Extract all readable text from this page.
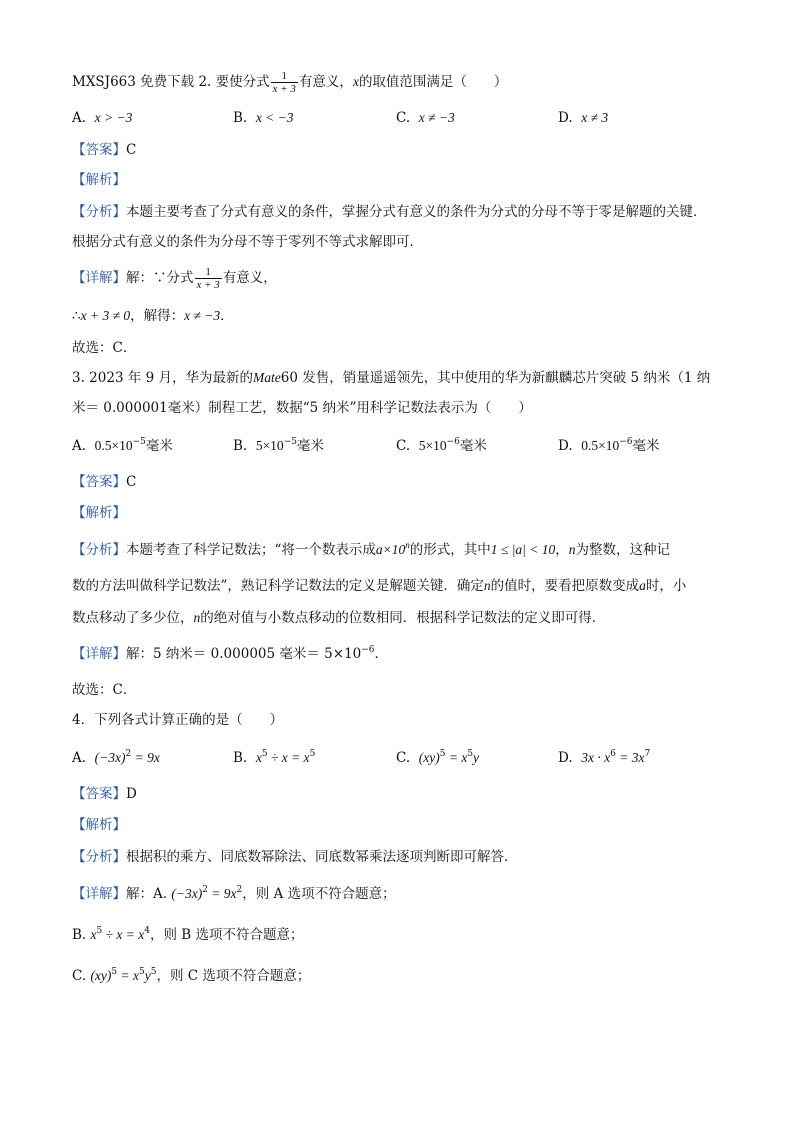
MXSJ663 免费下载 2. 要使分式 $\frac{1}{x + 3}$ 有意义，x的取值范围满足（　　）
A. x > −3	B. x < −3	C. x ≠ −3	D. x ≠ 3
【答案】C
【解析】
【分析】本题主要考查了分式有意义的条件，掌握分式有意义的条件为分式的分母不等于零是解题的关键．
根据分式有意义的条件为分母不等于零列不等式求解即可．
【详解】解：∵分式 $\frac{1}{x + 3}$ 有意义，
∴x + 3 ≠ 0，解得：x ≠ −3．
故选：C．
3. 2023 年 9 月，华为最新的Mate60 发售，销量遥遥领先，其中使用的华为新麒麟芯片突破 5 纳米（1 纳
米＝ 0.000001毫米）制程工艺，数据“5 纳米”用科学记数法表示为（　　）
A. $0.5\times 10^{-5}$毫米	B. $5\times 10^{-5}$毫米	C. $5\times 10^{-6}$毫米	D. $0.5\times 10^{-6}$毫米
【答案】C
【解析】
【分析】本题考查了科学记数法；“将一个数表示成$a\times 10^n$的形式，其中1 ≤ |a| < 10，n为整数，这种记
数的方法叫做科学记数法”，熟记科学记数法的定义是解题关键．确定n的值时，要看把原数变成a时，小
数点移动了多少位，n的绝对值与小数点移动的位数相同．根据科学记数法的定义即可得．
【详解】解：5 纳米＝ 0.000005 毫米＝ $5\times 10^{-6}$．
故选：C．
4．下列各式计算正确的是（　　）
A. $(-3x)^2 = 9x$	B. $x^5 \div x = x^5$	C. $(xy)^5 = x^5y$	D. $3x \cdot x^6 = 3x^7$
【答案】D
【解析】
【分析】根据积的乘方、同底数幂除法、同底数幂乘法逐项判断即可解答．
【详解】解：A. $(-3x)^2 = 9x^2$，则 A 选项不符合题意；
B. $x^5 \div x = x^4$，则 B 选项不符合题意；
C. $(xy)^5 = x^5y^5$，则 C 选项不符合题意；
